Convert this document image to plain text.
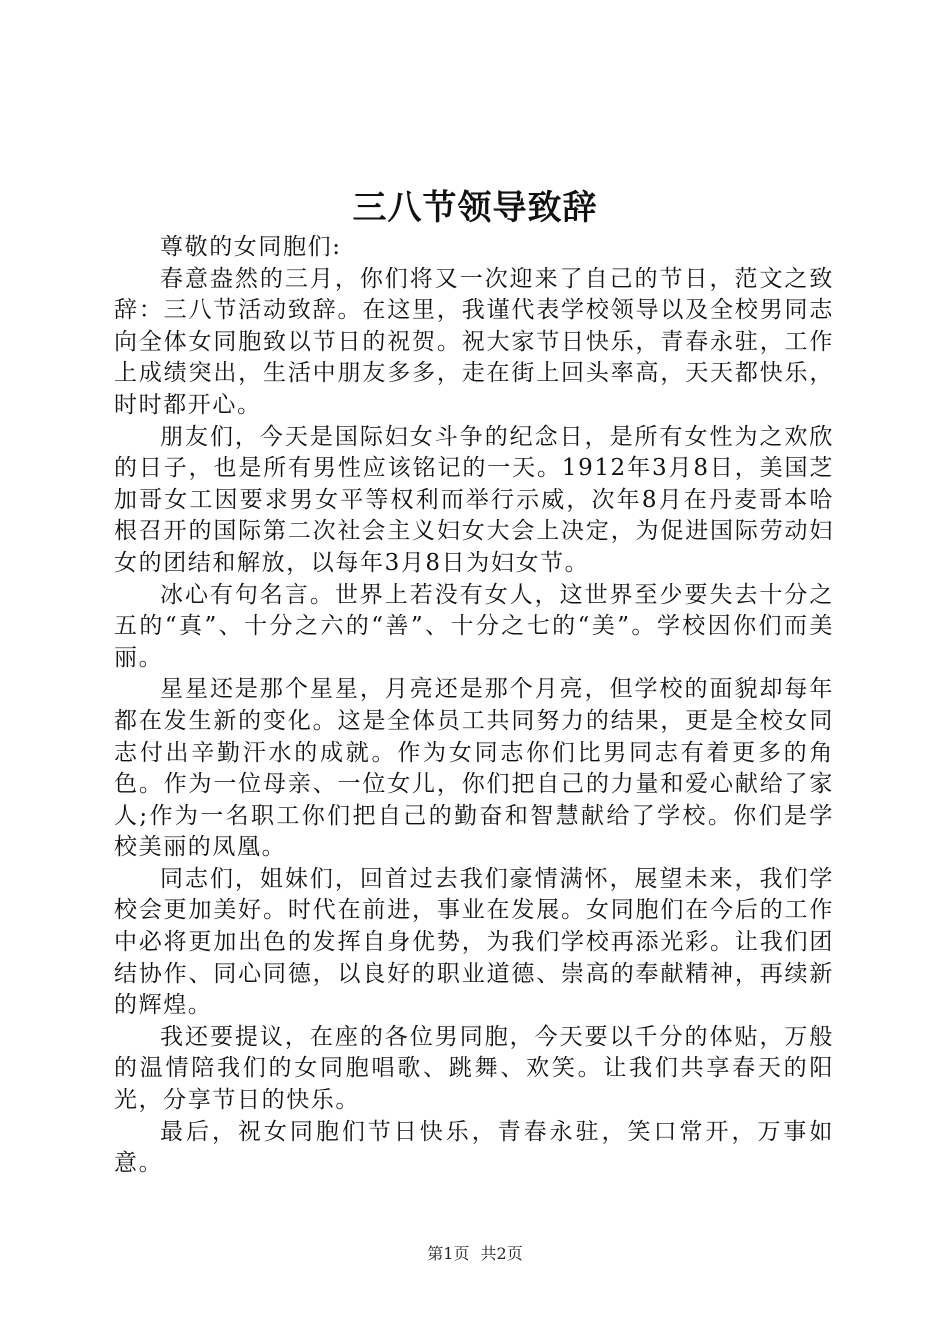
三八节领导致辞

尊敬的女同胞们:

春意盎然的三月，你们将又一次迎来了自己的节日，范文之致辞：三八节活动致辞。在这里，我谨代表学校领导以及全校男同志向全体女同胞致以节日的祝贺。祝大家节日快乐，青春永驻，工作上成绩突出，生活中朋友多多，走在街上回头率高，天天都快乐，时时都开心。

朋友们，今天是国际妇女斗争的纪念日，是所有女性为之欢欣的日子，也是所有男性应该铭记的一天。1912年3月8日，美国芝加哥女工因要求男女平等权利而举行示威，次年8月在丹麦哥本哈根召开的国际第二次社会主义妇女大会上决定，为促进国际劳动妇女的团结和解放，以每年3月8日为妇女节。

冰心有句名言。世界上若没有女人，这世界至少要失去十分之五的“真”、十分之六的“善”、十分之七的“美”。学校因你们而美丽。

星星还是那个星星，月亮还是那个月亮，但学校的面貌却每年都在发生新的变化。这是全体员工共同努力的结果，更是全校女同志付出辛勤汗水的成就。作为女同志你们比男同志有着更多的角色。作为一位母亲、一位女儿，你们把自己的力量和爱心献给了家人;作为一名职工你们把自己的勤奋和智慧献给了学校。你们是学校美丽的凤凰。

同志们，姐妹们，回首过去我们豪情满怀，展望未来，我们学校会更加美好。时代在前进，事业在发展。女同胞们在今后的工作中必将更加出色的发挥自身优势，为我们学校再添光彩。让我们团结协作、同心同德，以良好的职业道德、崇高的奉献精神，再续新的辉煌。

我还要提议，在座的各位男同胞，今天要以千分的体贴，万般的温情陪我们的女同胞唱歌、跳舞、欢笑。让我们共享春天的阳光，分享节日的快乐。

最后，祝女同胞们节日快乐，青春永驻，笑口常开，万事如意。

第1页 共2页
